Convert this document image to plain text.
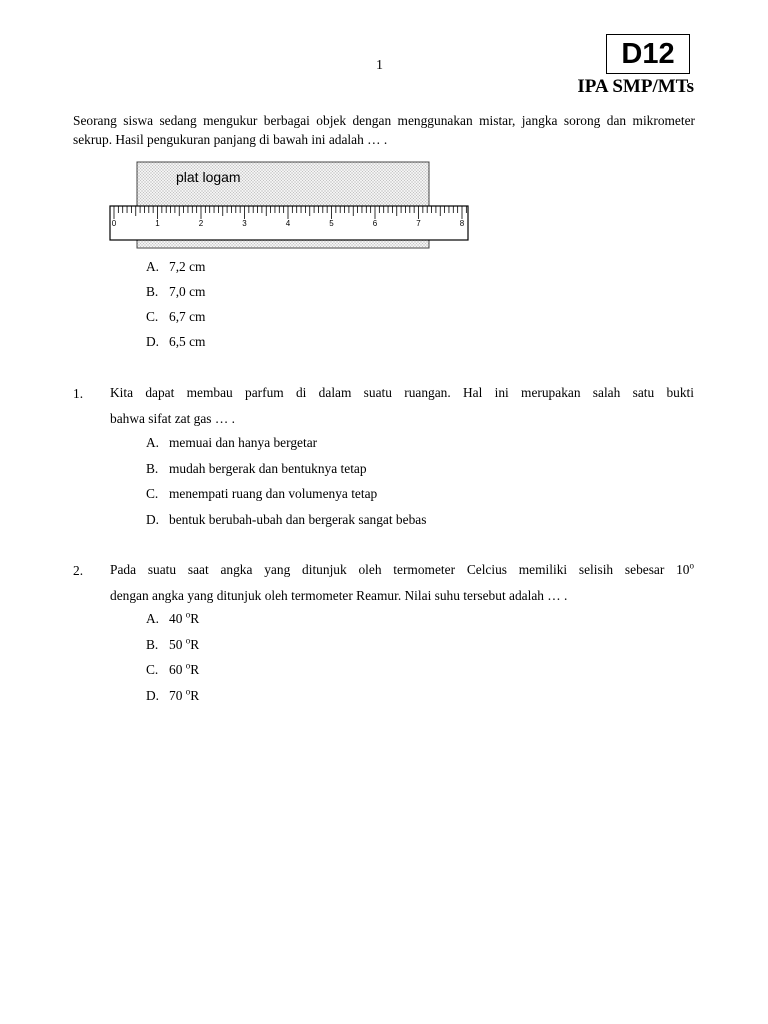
1	D12
IPA SMP/MTs
Seorang siswa sedang mengukur berbagai objek dengan menggunakan mistar, jangka sorong dan mikrometer
sekrup. Hasil pengukuran panjang di bawah ini adalah … .
plat logam
0	1	2	3	4	5	6	7	8
A. 7,2 cm
B. 7,0 cm
C. 6,7 cm
D. 6,5 cm
1. Kita dapat membau parfum di dalam suatu ruangan. Hal ini merupakan salah satu bukti
bahwa sifat zat gas … .
A. memuai dan hanya bergetar
B. mudah bergerak dan bentuknya tetap
C. menempati ruang dan volumenya tetap
D. bentuk berubah-ubah dan bergerak sangat bebas
2. Pada suatu saat angka yang ditunjuk oleh termometer Celcius memiliki selisih sebesar 10$^o$
dengan angka yang ditunjuk oleh termometer Reamur. Nilai suhu tersebut adalah … .
A. 40 $^o$R
B. 50 $^o$R
C. 60 $^o$R
D. 70 $^o$R
